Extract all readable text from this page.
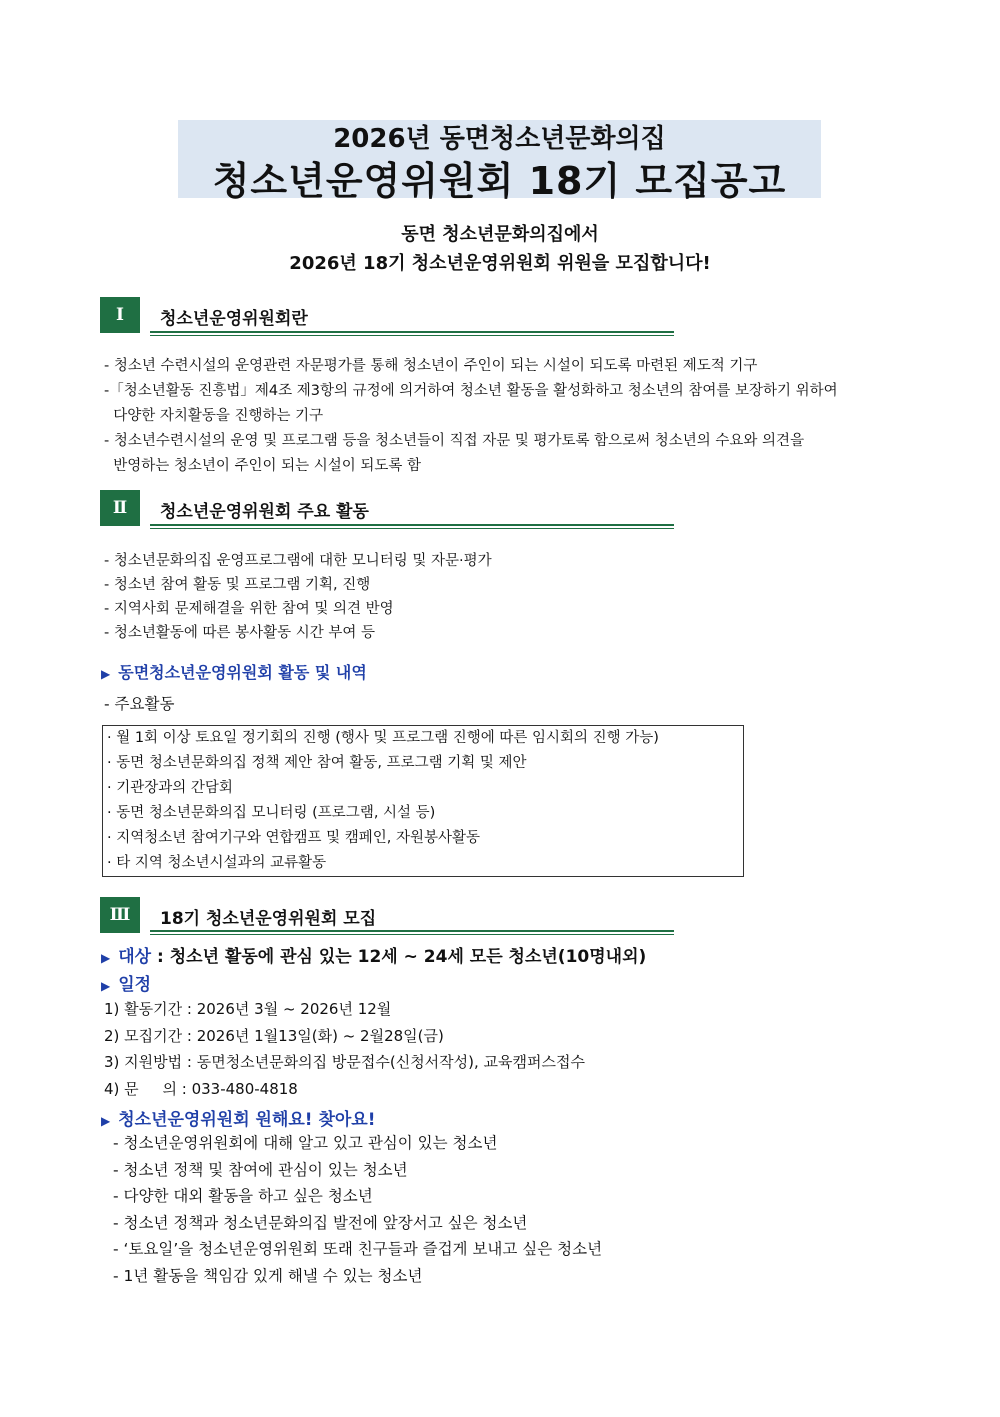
2026년 동면청소년문화의집
청소년운영위원회 18기 모집공고
동면 청소년문화의집에서
2026년 18기 청소년운영위원회 위원을 모집합니다!
Ⅰ	청소년운영위원회란
- 청소년 수련시설의 운영관련 자문평가를 통해 청소년이 주인이 되는 시설이 되도록 마련된 제도적 기구
-「청소년활동 진흥법」제4조 제3항의 규정에 의거하여 청소년 활동을 활성화하고 청소년의 참여를 보장하기 위하여
다양한 자치활동을 진행하는 기구
- 청소년수련시설의 운영 및 프로그램 등을 청소년들이 직접 자문 및 평가토록 함으로써 청소년의 수요와 의견을
반영하는 청소년이 주인이 되는 시설이 되도록 함
Ⅱ	청소년운영위원회 주요 활동
- 청소년문화의집 운영프로그램에 대한 모니터링 및 자문·평가
- 청소년 참여 활동 및 프로그램 기획, 진행
- 지역사회 문제해결을 위한 참여 및 의견 반영
- 청소년활동에 따른 봉사활동 시간 부여 등
▶ 동면청소년운영위원회 활동 및 내역
- 주요활동
· 월 1회 이상 토요일 정기회의 진행 (행사 및 프로그램 진행에 따른 임시회의 진행 가능)
· 동면 청소년문화의집 정책 제안 참여 활동, 프로그램 기획 및 제안
· 기관장과의 간담회
· 동면 청소년문화의집 모니터링 (프로그램, 시설 등)
· 지역청소년 참여기구와 연합캠프 및 캠페인, 자원봉사활동
· 타 지역 청소년시설과의 교류활동
Ⅲ	18기 청소년운영위원회 모집
▶ 대상 : 청소년 활동에 관심 있는 12세 ~ 24세 모든 청소년(10명내외)
▶ 일정
1) 활동기간 : 2026년 3월 ~ 2026년 12월
2) 모집기간 : 2026년 1월13일(화) ~ 2월28일(금)
3) 지원방법 : 동면청소년문화의집 방문접수(신청서작성), 교육캠퍼스접수
4) 문     의 : 033-480-4818
▶ 청소년운영위원회 원해요! 찾아요!
- 청소년운영위원회에 대해 알고 있고 관심이 있는 청소년
- 청소년 정책 및 참여에 관심이 있는 청소년
- 다양한 대외 활동을 하고 싶은 청소년
- 청소년 정책과 청소년문화의집 발전에 앞장서고 싶은 청소년
- ‘토요일’을 청소년운영위원회 또래 친구들과 즐겁게 보내고 싶은 청소년
- 1년 활동을 책임감 있게 해낼 수 있는 청소년
